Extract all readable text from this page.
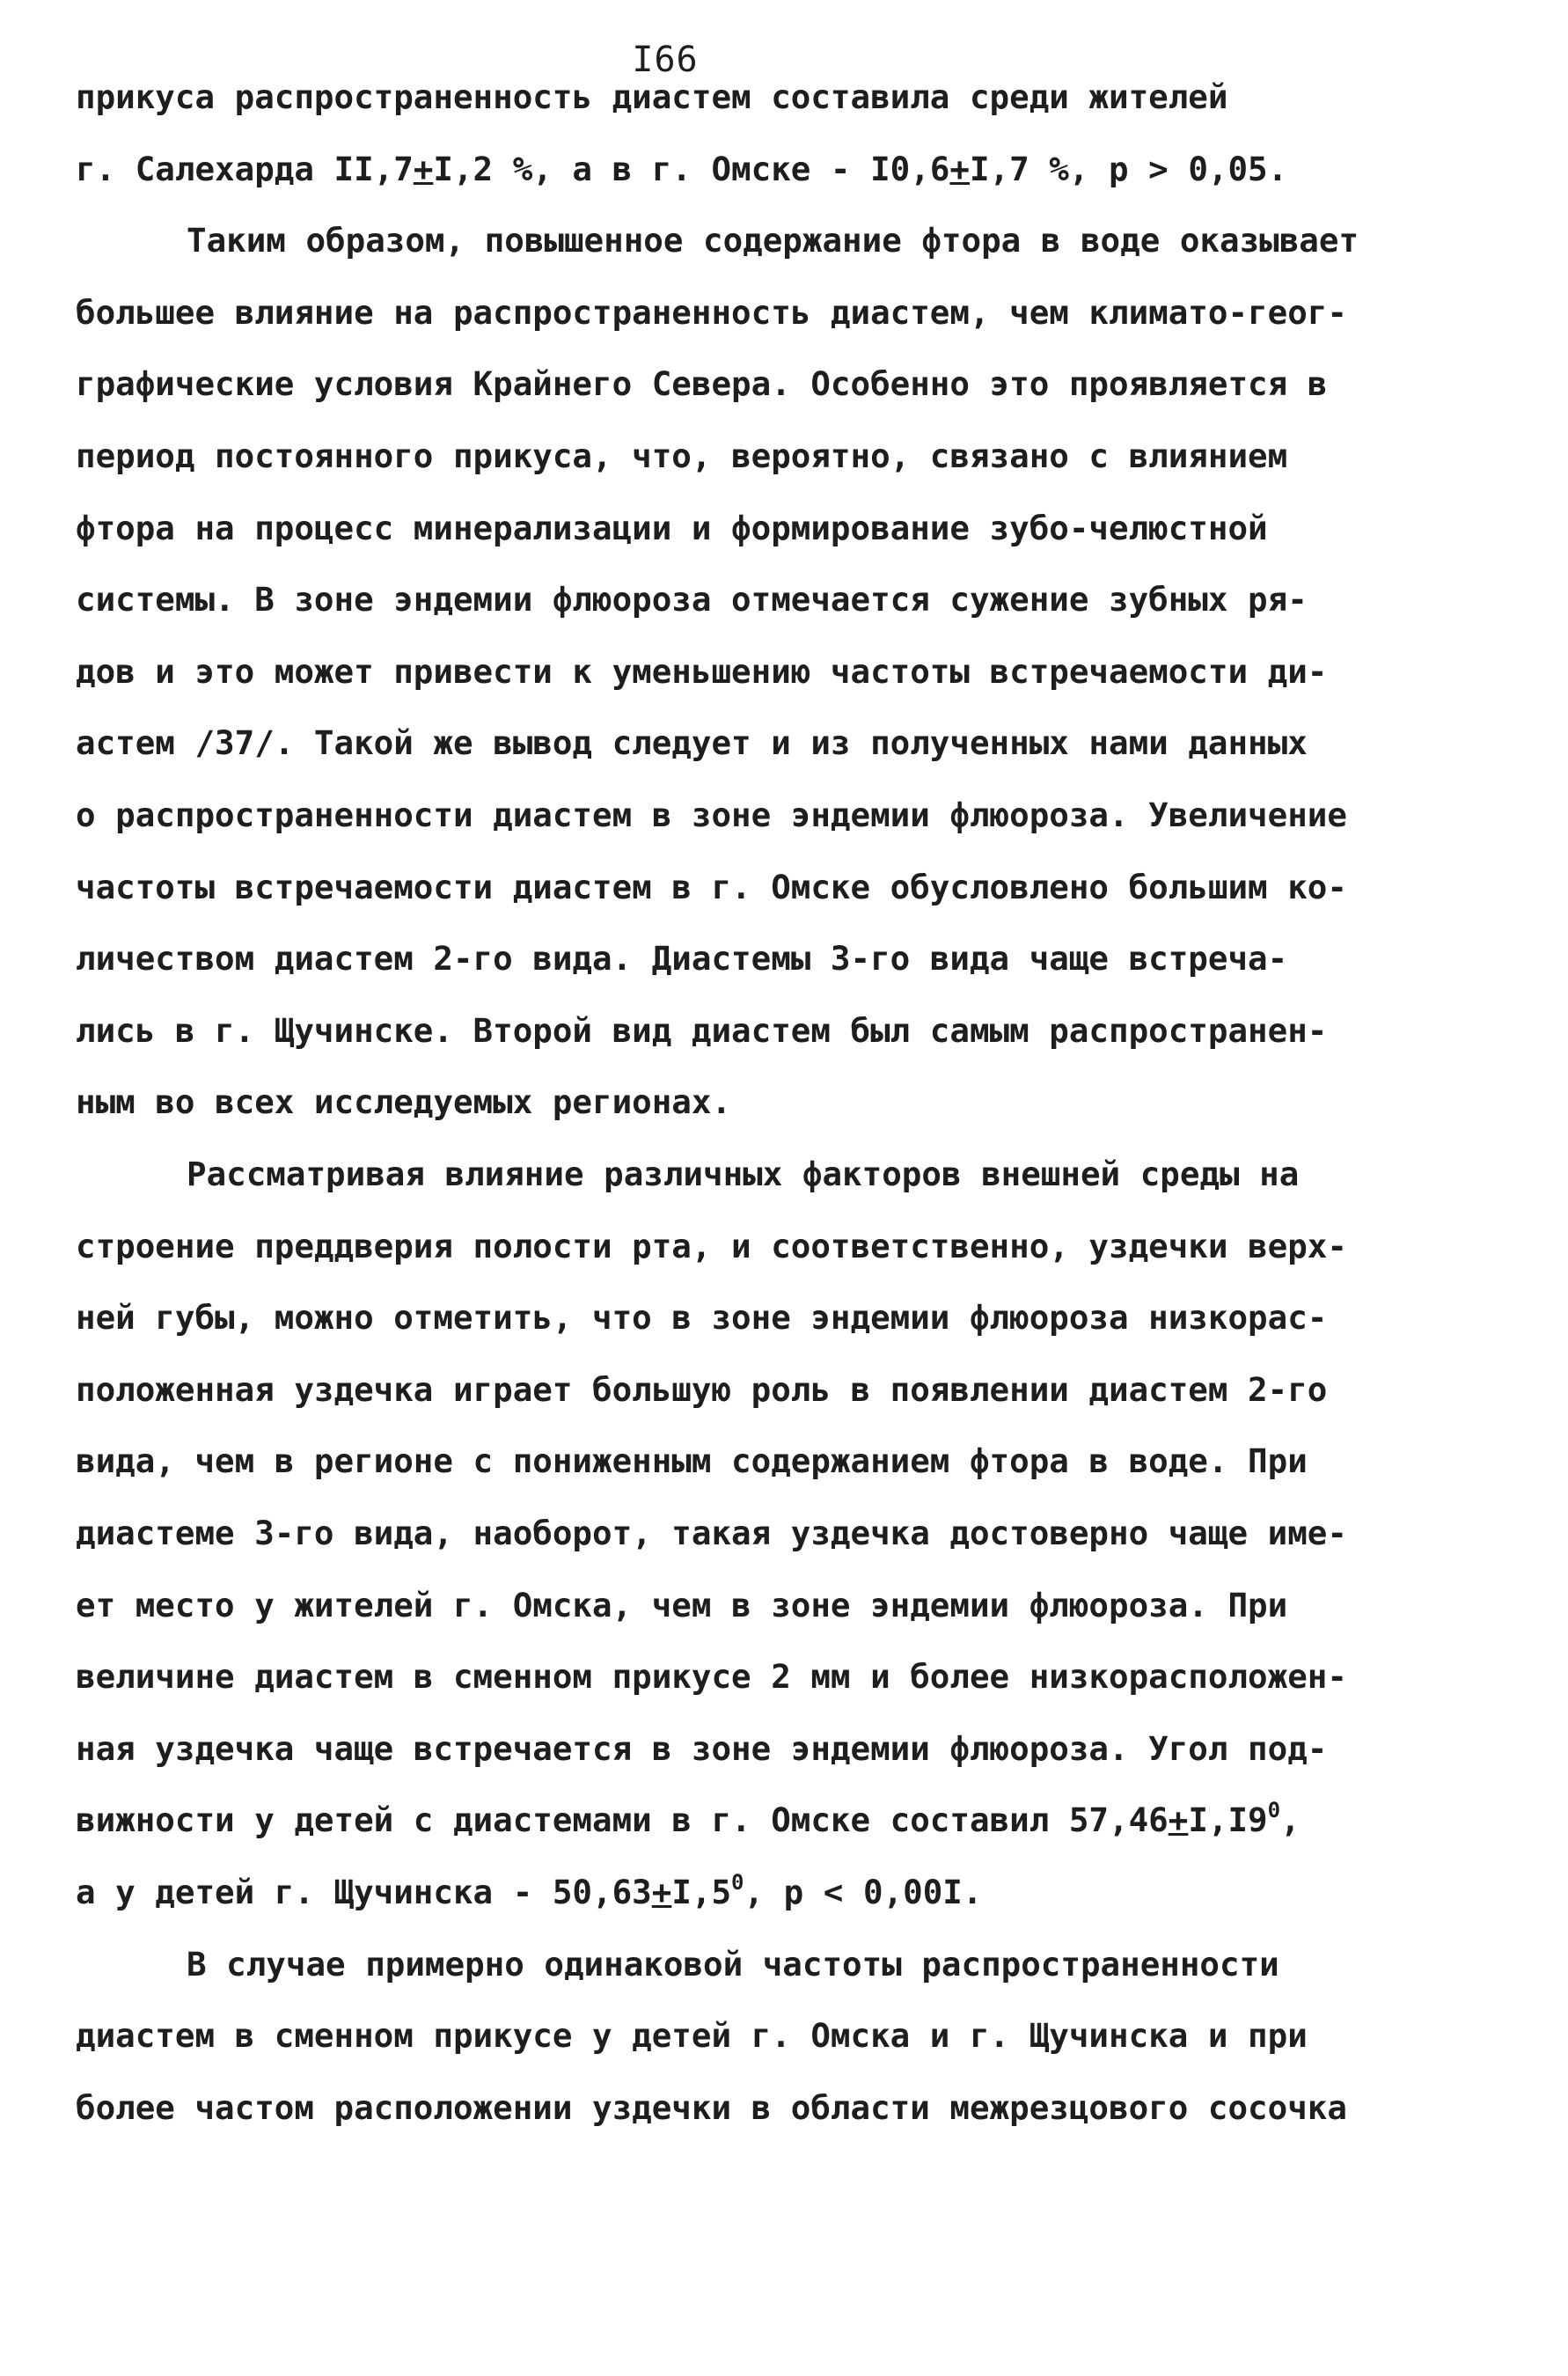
I66
прикуса распространенность диастем составила среди жителей
г. Салехарда II,7+I,2 %, а в г. Омске - I0,6+I,7 %, р > 0,05.
Таким образом, повышенное содержание фтора в воде оказывает
большее влияние на распространенность диастем, чем климато-геог-
графические условия Крайнего Севера. Особенно это проявляется в
период постоянного прикуса, что, вероятно, связано с влиянием
фтора на процесс минерализации и формирование зубо-челюстной
системы. В зоне эндемии флюороза отмечается сужение зубных ря-
дов и это может привести к уменьшению частоты встречаемости ди-
астем /37/. Такой же вывод следует и из полученных нами данных
о распространенности диастем в зоне эндемии флюороза. Увеличение
частоты встречаемости диастем в г. Омске обусловлено большим ко-
личеством диастем 2-го вида. Диастемы 3-го вида чаще встреча-
лись в г. Щучинске. Второй вид диастем был самым распространен-
ным во всех исследуемых регионах.
Рассматривая влияние различных факторов внешней среды на
строение преддверия полости рта, и соответственно, уздечки верх-
ней губы, можно отметить, что в зоне эндемии флюороза низкорас-
положенная уздечка играет большую роль в появлении диастем 2-го
вида, чем в регионе с пониженным содержанием фтора в воде. При
диастеме 3-го вида, наоборот, такая уздечка достоверно чаще име-
ет место у жителей г. Омска, чем в зоне эндемии флюороза. При
величине диастем в сменном прикусе 2 мм и более низкорасположен-
ная уздечка чаще встречается в зоне эндемии флюороза. Угол под-
вижности у детей с диастемами в г. Омске составил $57,46+I,I9^0$,
а у детей г. Щучинска - $50,63+I,5^0$, р < 0,00I.
В случае примерно одинаковой частоты распространенности
диастем в сменном прикусе у детей г. Омска и г. Щучинска и при
более частом расположении уздечки в области межрезцового сосочка
